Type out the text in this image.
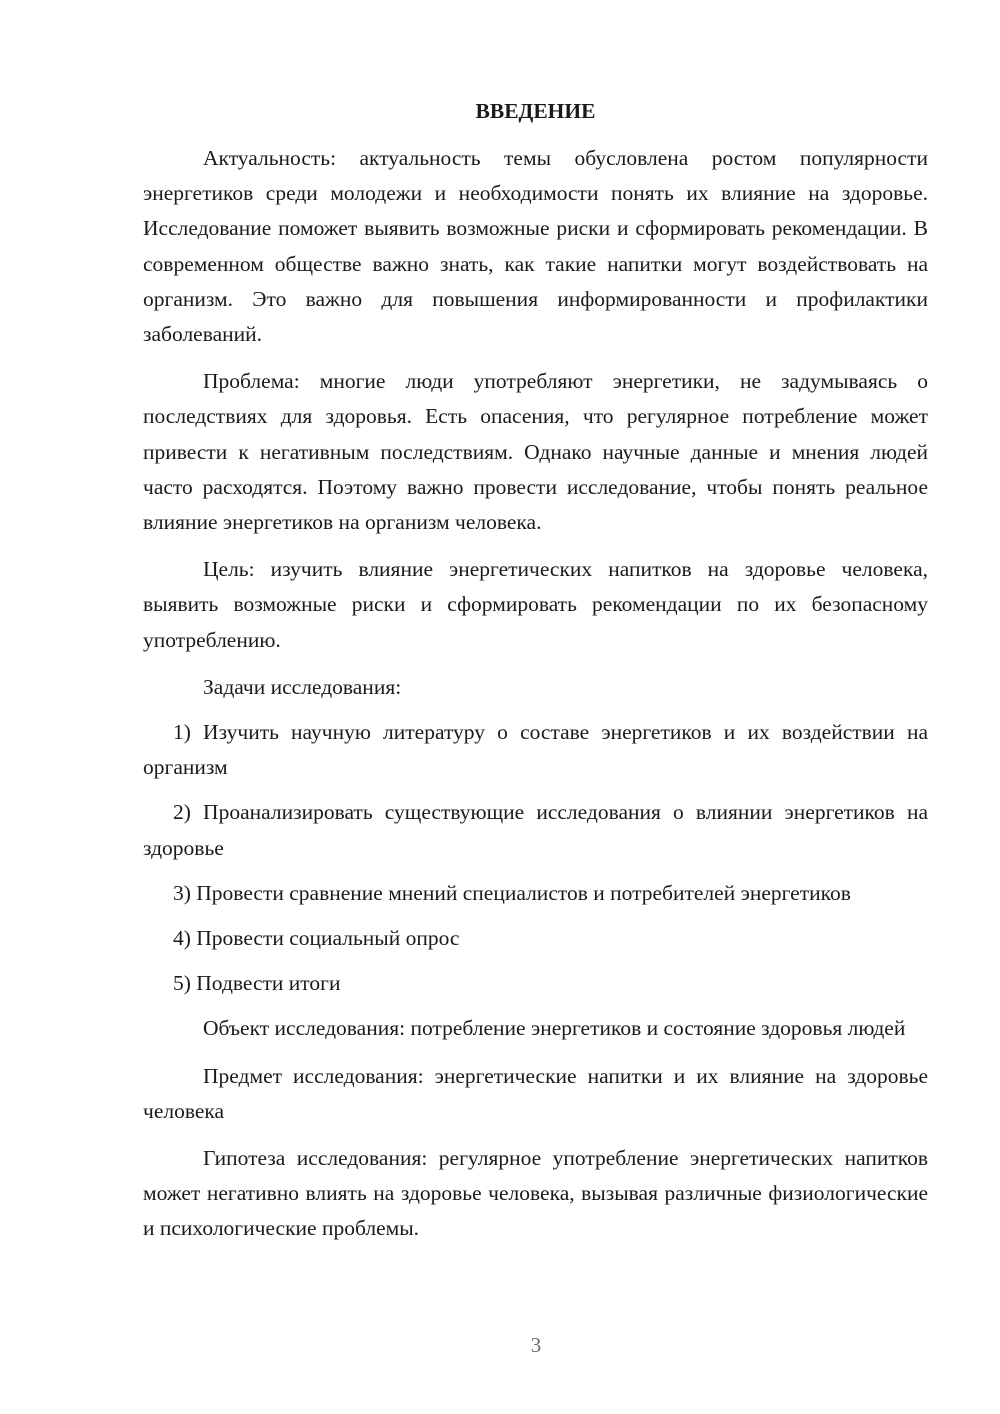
ВВЕДЕНИЕ

Актуальность: актуальность темы обусловлена ростом популярности энергетиков среди молодежи и необходимости понять их влияние на здоровье. Исследование поможет выявить возможные риски и сформировать рекомендации. В современном обществе важно знать, как такие напитки могут воздействовать на организм. Это важно для повышения информированности и профилактики заболеваний.

Проблема: многие люди употребляют энергетики, не задумываясь о последствиях для здоровья. Есть опасения, что регулярное потребление может привести к негативным последствиям. Однако научные данные и мнения людей часто расходятся. Поэтому важно провести исследование, чтобы понять реальное влияние энергетиков на организм человека.

Цель: изучить влияние энергетических напитков на здоровье человека, выявить возможные риски и сформировать рекомендации по их безопасному употреблению.

Задачи исследования:

1) Изучить научную литературу о составе энергетиков и их воздействии на организм

2) Проанализировать существующие исследования о влиянии энергетиков на здоровье

3) Провести сравнение мнений специалистов и потребителей энергетиков

4) Провести социальный опрос

5) Подвести итоги

Объект исследования: потребление энергетиков и состояние здоровья людей

Предмет исследования: энергетические напитки и их влияние на здоровье человека

Гипотеза исследования: регулярное употребление энергетических напитков может негативно влиять на здоровье человека, вызывая различные физиологические и психологические проблемы.

3
